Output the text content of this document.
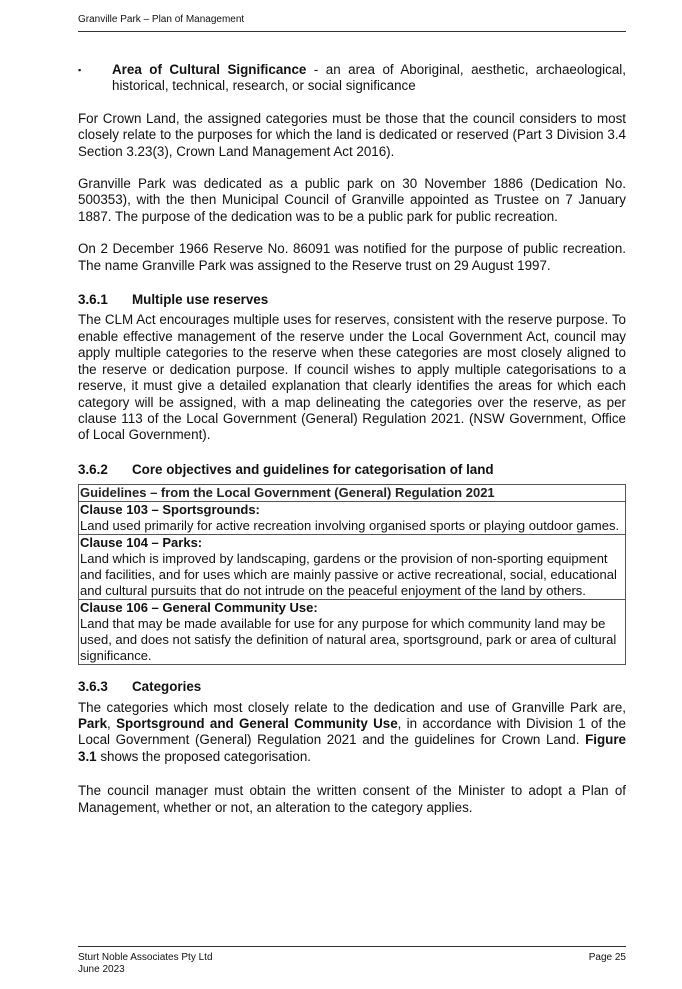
Granville Park – Plan of Management
▪	Area of Cultural Significance - an area of Aboriginal, aesthetic, archaeological, historical, technical, research, or social significance

For Crown Land, the assigned categories must be those that the council considers to most closely relate to the purposes for which the land is dedicated or reserved (Part 3 Division 3.4 Section 3.23(3), Crown Land Management Act 2016).

Granville Park was dedicated as a public park on 30 November 1886 (Dedication No. 500353), with the then Municipal Council of Granville appointed as Trustee on 7 January 1887. The purpose of the dedication was to be a public park for public recreation.

On 2 December 1966 Reserve No. 86091 was notified for the purpose of public recreation. The name Granville Park was assigned to the Reserve trust on 29 August 1997.

3.6.1	Multiple use reserves

The CLM Act encourages multiple uses for reserves, consistent with the reserve purpose. To enable effective management of the reserve under the Local Government Act, council may apply multiple categories to the reserve when these categories are most closely aligned to the reserve or dedication purpose. If council wishes to apply multiple categorisations to a reserve, it must give a detailed explanation that clearly identifies the areas for which each category will be assigned, with a map delineating the categories over the reserve, as per clause 113 of the Local Government (General) Regulation 2021. (NSW Government, Office of Local Government).

3.6.2	Core objectives and guidelines for categorisation of land
Guidelines – from the Local Government (General) Regulation 2021

Clause 103 – Sportsgrounds:
Land used primarily for active recreation involving organised sports or playing outdoor games.

Clause 104 – Parks:
Land which is improved by landscaping, gardens or the provision of non-sporting equipment and facilities, and for uses which are mainly passive or active recreational, social, educational and cultural pursuits that do not intrude on the peaceful enjoyment of the land by others.

Clause 106 – General Community Use:
Land that may be made available for use for any purpose for which community land may be used, and does not satisfy the definition of natural area, sportsground, park or area of cultural significance.
3.6.3	Categories

The categories which most closely relate to the dedication and use of Granville Park are, Park, Sportsground and General Community Use, in accordance with Division 1 of the Local Government (General) Regulation 2021 and the guidelines for Crown Land. Figure 3.1 shows the proposed categorisation.

The council manager must obtain the written consent of the Minister to adopt a Plan of Management, whether or not, an alteration to the category applies.

Sturt Noble Associates Pty Ltd
June 2023
Page 25
